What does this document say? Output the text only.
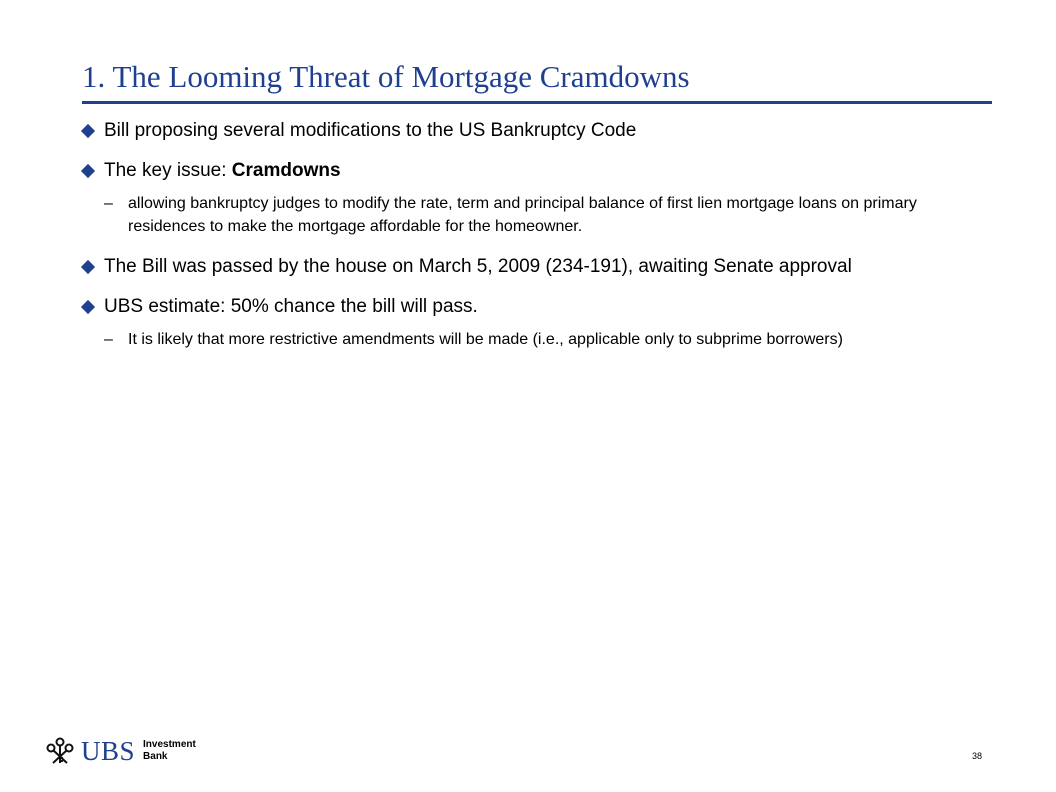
1. The Looming Threat of Mortgage Cramdowns
Bill proposing several modifications to the US Bankruptcy Code
The key issue: Cramdowns
– allowing bankruptcy judges to modify the rate, term and principal balance of first lien mortgage loans on primary residences to make the mortgage affordable for the homeowner.
The Bill was passed by the house on March 5, 2009 (234-191), awaiting Senate approval
UBS estimate: 50% chance the bill will pass.
– It is likely that more restrictive amendments will be made (i.e., applicable only to subprime borrowers)
UBS Investment
Bank	38
